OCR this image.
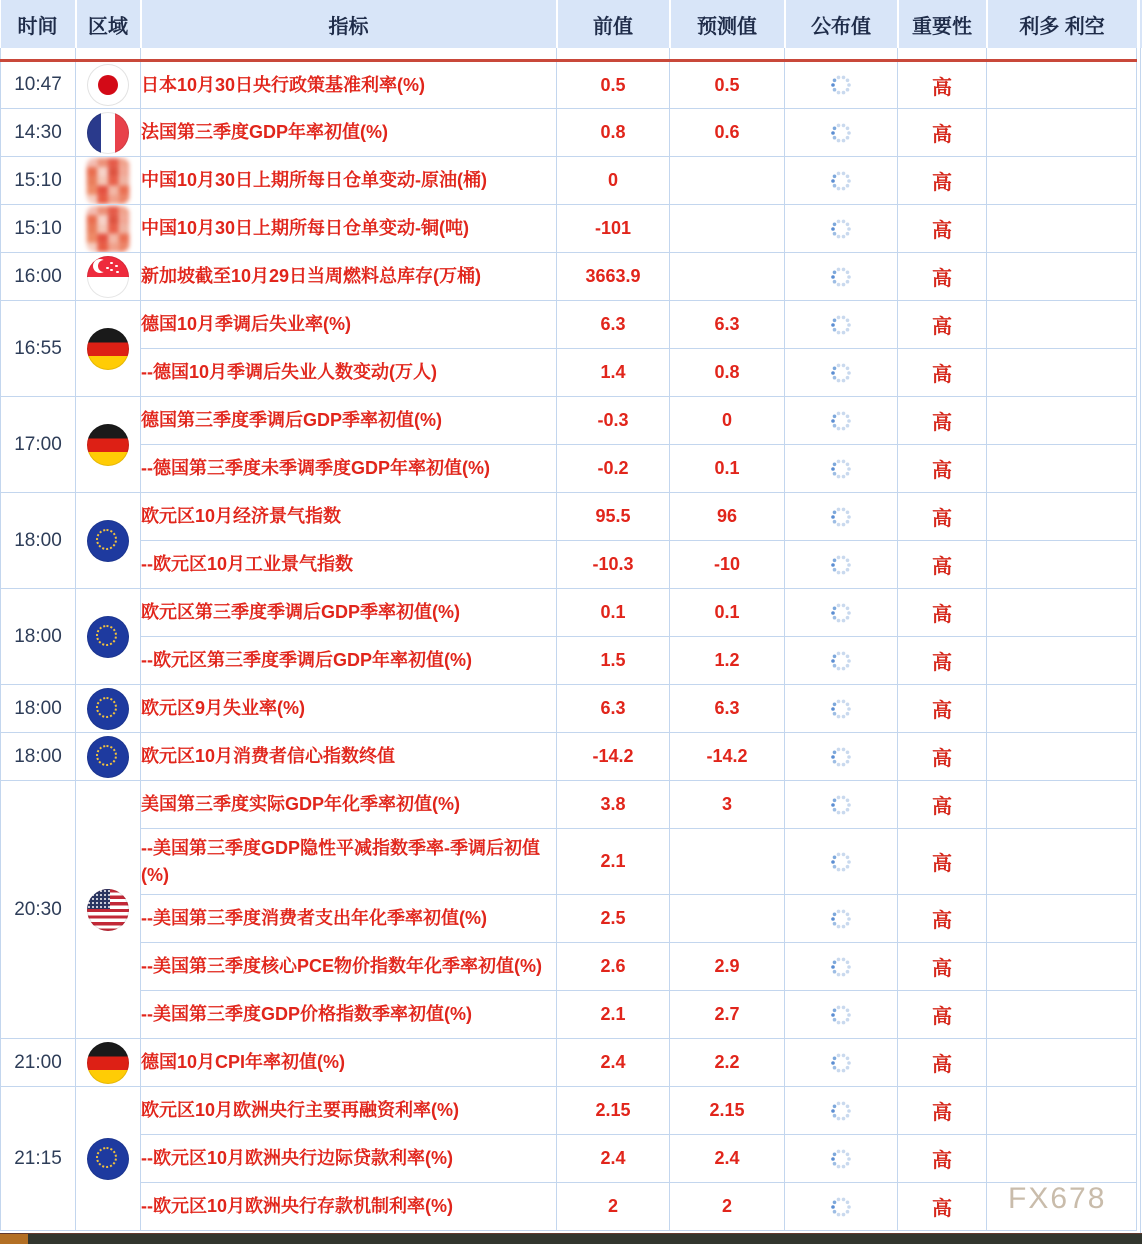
时间	区域	指标	前值	预测值	公布值	重要性	利多 利空

10:47		日本10月30日央行政策基准利率(%)	0.5	0.5		高	
14:30		法国第三季度GDP年率初值(%)	0.8	0.6		高	
15:10		中国10月30日上期所每日仓单变动-原油(桶)	0			高	
15:10		中国10月30日上期所每日仓单变动-铜(吨)	-101			高	
16:00		新加坡截至10月29日当周燃料总库存(万桶)	3663.9			高	
16:55		德国10月季调后失业率(%)	6.3	6.3		高	
		--德国10月季调后失业人数变动(万人)	1.4	0.8		高	
17:00		德国第三季度季调后GDP季率初值(%)	-0.3	0		高	
		--德国第三季度未季调季度GDP年率初值(%)	-0.2	0.1		高	
18:00		欧元区10月经济景气指数	95.5	96		高	
		--欧元区10月工业景气指数	-10.3	-10		高	
18:00		欧元区第三季度季调后GDP季率初值(%)	0.1	0.1		高	
		--欧元区第三季度季调后GDP年率初值(%)	1.5	1.2		高	
18:00		欧元区9月失业率(%)	6.3	6.3		高	
18:00		欧元区10月消费者信心指数终值	-14.2	-14.2		高	
20:30		美国第三季度实际GDP年化季率初值(%)	3.8	3		高	
		--美国第三季度GDP隐性平减指数季率-季调后初值(%)	2.1			高	
		--美国第三季度消费者支出年化季率初值(%)	2.5			高	
		--美国第三季度核心PCE物价指数年化季率初值(%)	2.6	2.9		高	
		--美国第三季度GDP价格指数季率初值(%)	2.1	2.7		高	
21:00		德国10月CPI年率初值(%)	2.4	2.2		高	
21:15		欧元区10月欧洲央行主要再融资利率(%)	2.15	2.15		高	
		--欧元区10月欧洲央行边际贷款利率(%)	2.4	2.4		高	
		--欧元区10月欧洲央行存款机制利率(%)	2	2		高	FX678
